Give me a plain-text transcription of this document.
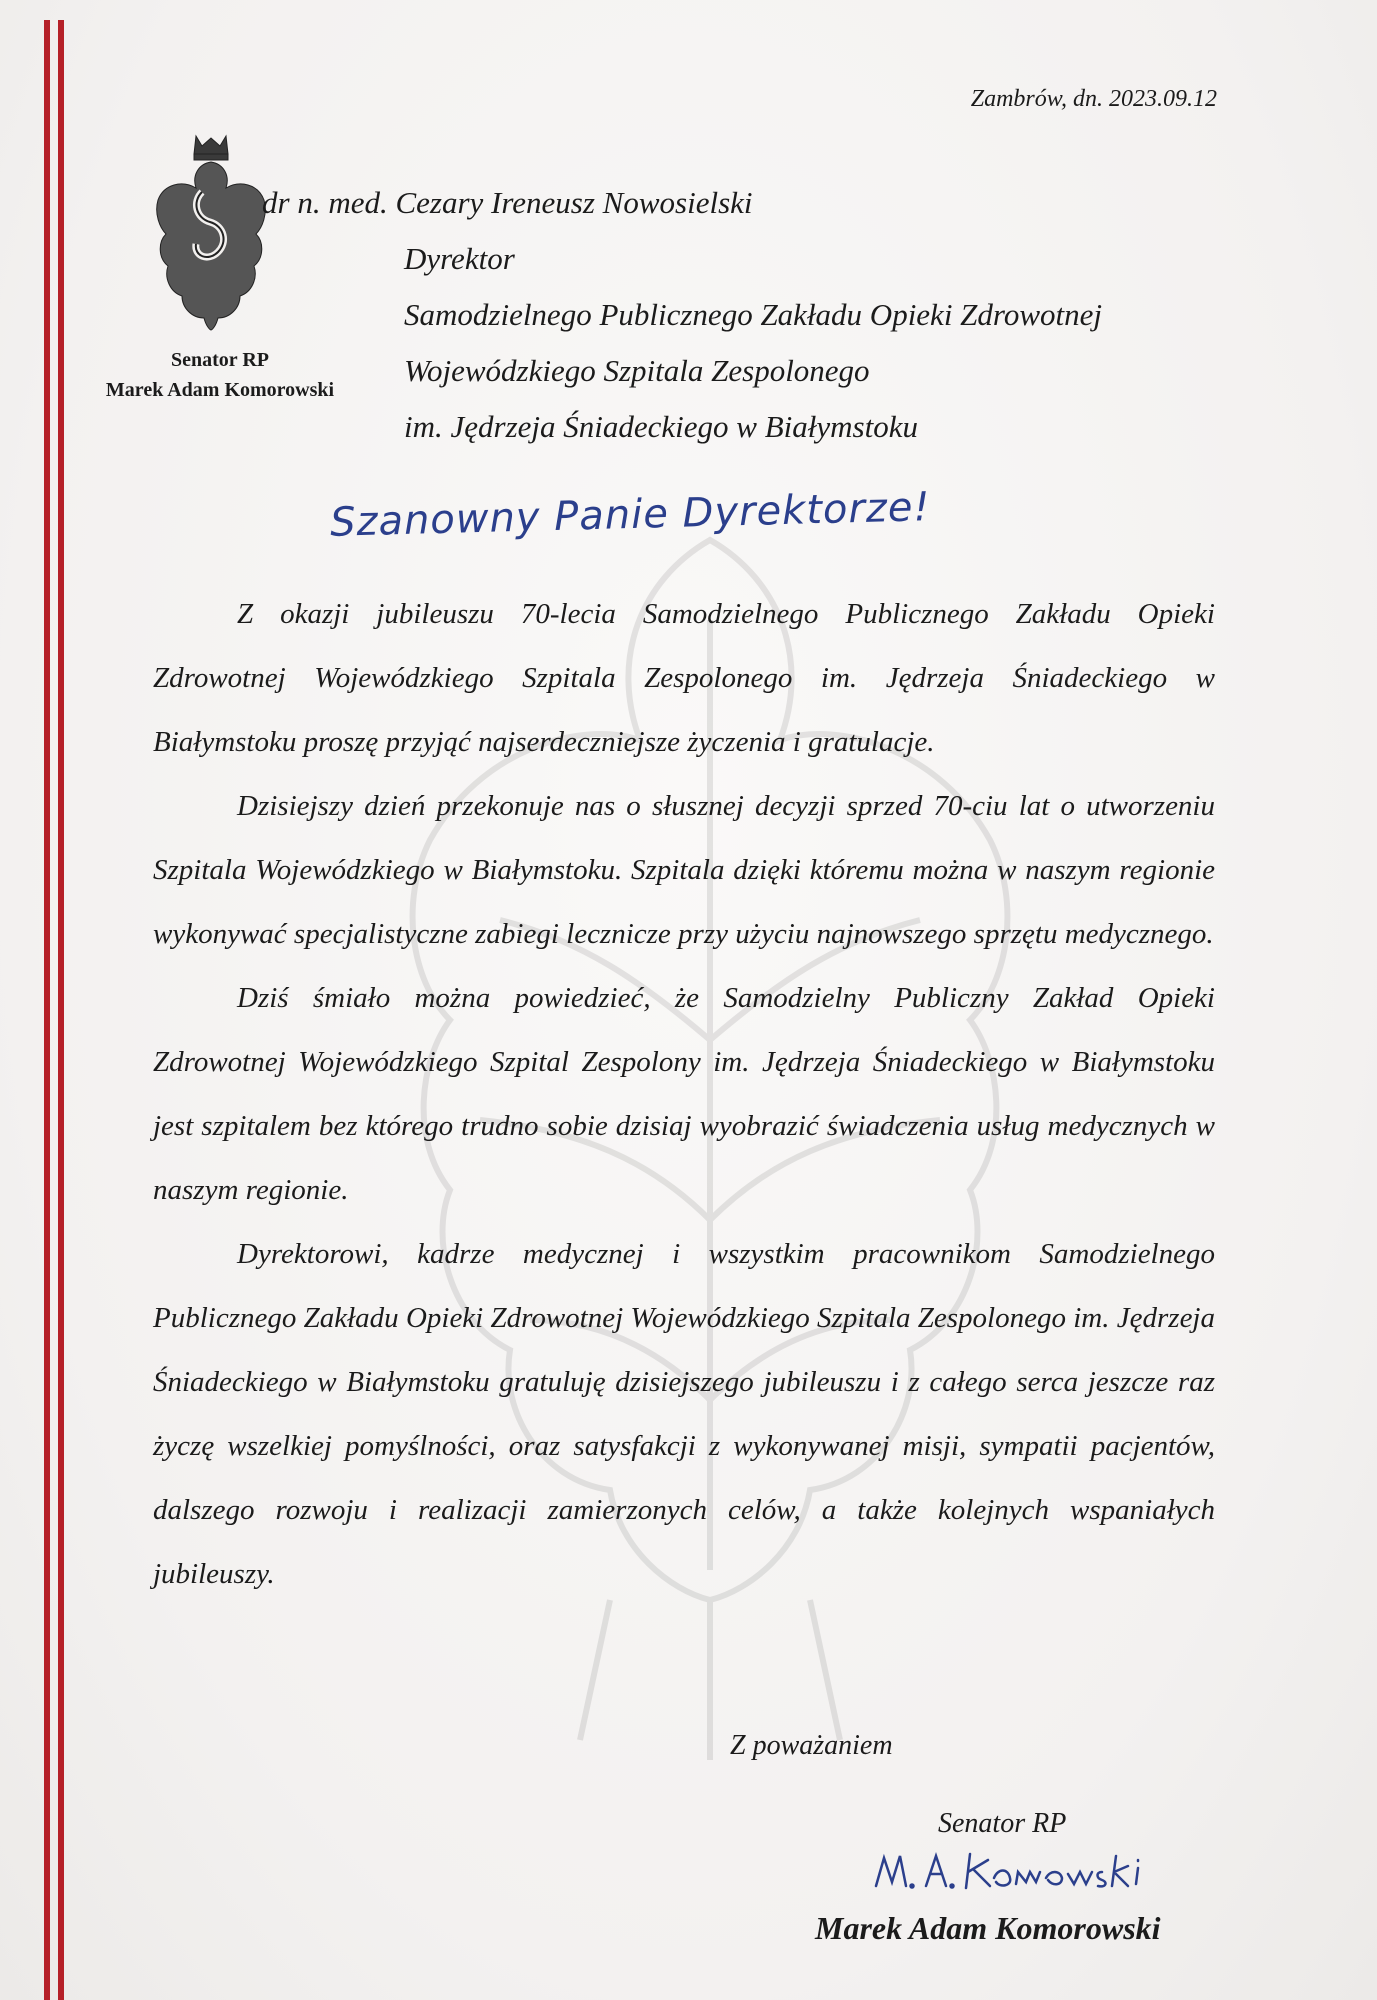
Zambrów, dn. 2023.09.12
Senator RP
Marek Adam Komorowski
dr n. med. Cezary Ireneusz Nowosielski
Dyrektor
Samodzielnego Publicznego Zakładu Opieki Zdrowotnej
Wojewódzkiego Szpitala Zespolonego
im. Jędrzeja Śniadeckiego w Białymstoku
Szanowny Panie Dyrektorze!

Z okazji jubileuszu 70-lecia Samodzielnego Publicznego Zakładu Opieki Zdrowotnej Wojewódzkiego Szpitala Zespolonego im. Jędrzeja Śniadeckiego w Białymstoku proszę przyjąć najserdeczniejsze życzenia i gratulacje.

Dzisiejszy dzień przekonuje nas o słusznej decyzji sprzed 70-ciu lat o utworzeniu Szpitala Wojewódzkiego w Białymstoku. Szpitala dzięki któremu można w naszym regionie wykonywać specjalistyczne zabiegi lecznicze przy użyciu najnowszego sprzętu medycznego.

Dziś śmiało można powiedzieć, że Samodzielny Publiczny Zakład Opieki Zdrowotnej Wojewódzkiego Szpital Zespolony im. Jędrzeja Śniadeckiego w Białymstoku jest szpitalem bez którego trudno sobie dzisiaj wyobrazić świadczenia usług medycznych w naszym regionie.

Dyrektorowi, kadrze medycznej i wszystkim pracownikom Samodzielnego Publicznego Zakładu Opieki Zdrowotnej Wojewódzkiego Szpitala Zespolonego im. Jędrzeja Śniadeckiego w Białymstoku gratuluję dzisiejszego jubileuszu i z całego serca jeszcze raz życzę wszelkiej pomyślności, oraz satysfakcji z wykonywanej misji, sympatii pacjentów, dalszego rozwoju i realizacji zamierzonych celów, a także kolejnych wspaniałych jubileuszy.

Z poważaniem
Senator RP
Marek Adam Komorowski
